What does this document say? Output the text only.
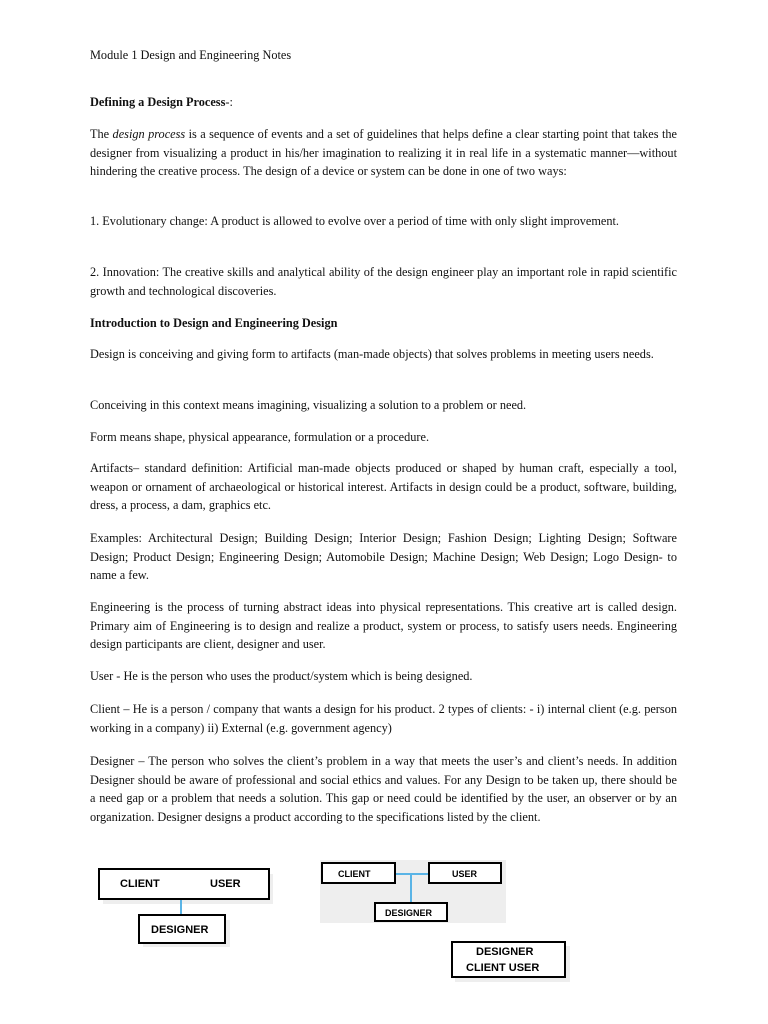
Module 1 Design and Engineering Notes
Defining a Design Process-:
The design process is a sequence of events and a set of guidelines that helps define a clear starting point that takes the designer from visualizing a product in his/her imagination to realizing it in real life in a systematic manner—without hindering the creative process. The design of a device or system can be done in one of two ways:
1. Evolutionary change: A product is allowed to evolve over a period of time with only slight improvement.
2. Innovation: The creative skills and analytical ability of the design engineer play an important role in rapid scientific growth and technological discoveries.
Introduction to Design and Engineering Design
Design is conceiving and giving form to artifacts (man-made objects) that solves problems in meeting users needs.
Conceiving in this context means imagining, visualizing a solution to a problem or need.
Form means shape, physical appearance, formulation or a procedure.
Artifacts– standard definition: Artificial man-made objects produced or shaped by human craft, especially a tool, weapon or ornament of archaeological or historical interest. Artifacts in design could be a product, software, building, dress, a process, a dam, graphics etc.
Examples: Architectural Design; Building Design; Interior Design; Fashion Design; Lighting Design; Software Design; Product Design; Engineering Design; Automobile Design; Machine Design; Web Design; Logo Design- to name a few.
Engineering is the process of turning abstract ideas into physical representations. This creative art is called design. Primary aim of Engineering is to design and realize a product, system or process, to satisfy users needs. Engineering design participants are client, designer and user.
User - He is the person who uses the product/system which is being designed.
Client – He is a person / company that wants a design for his product. 2 types of clients: - i) internal client (e.g. person working in a company) ii) External (e.g. government agency)
Designer – The person who solves the client’s problem in a way that meets the user’s and client’s needs. In addition Designer should be aware of professional and social ethics and values. For any Design to be taken up, there should be a need gap or a problem that needs a solution. This gap or need could be identified by the user, an observer or by an organization. Designer designs a product according to the specifications listed by the client.
CLIENT	USER
DESIGNER
CLIENT	USER
DESIGNER
DESIGNER
CLIENT USER
